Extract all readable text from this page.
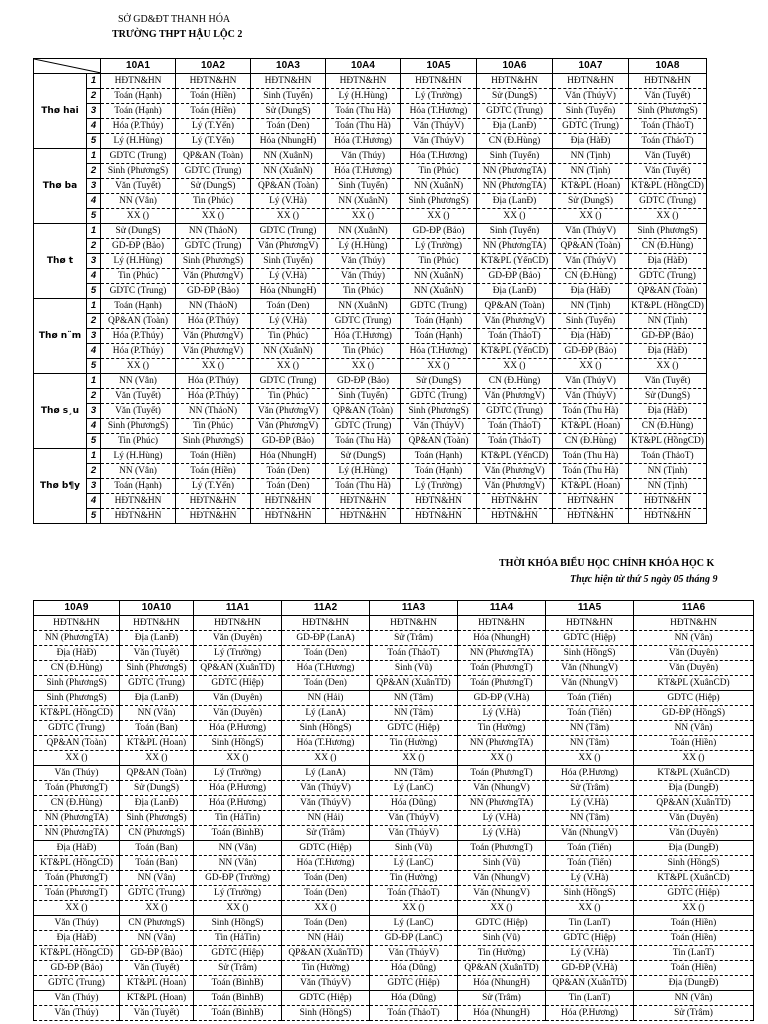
SỞ GD&ĐT THANH HÓA
TRƯỜNG THPT HẬU LỘC 2
	10A1	10A2	10A3	10A4	10A5	10A6	10A7	10A8
Thø hai	1	HĐTN&HN	HĐTN&HN	HĐTN&HN	HĐTN&HN	HĐTN&HN	HĐTN&HN	HĐTN&HN	HĐTN&HN
	2	Toán (Hạnh)	Toán (Hiền)	Sinh (Tuyển)	Lý (H.Hùng)	Lý (Trường)	Sử (DungS)	Văn (ThúyV)	Văn (Tuyết)
	3	Toán (Hạnh)	Toán (Hiền)	Sử (DungS)	Toán (Thu Hà)	Hóa (T.Hương)	GDTC (Trung)	Sinh (Tuyển)	Sinh (PhươngS)
	4	Hóa (P.Thúy)	Lý (T.Yến)	Toán (Den)	Toán (Thu Hà)	Văn (ThúyV)	Địa (LanĐ)	GDTC (Trung)	Toán (ThảoT)
	5	Lý (H.Hùng)	Lý (T.Yến)	Hóa (NhungH)	Hóa (T.Hương)	Văn (ThúyV)	CN (Đ.Hùng)	Địa (HàĐ)	Toán (ThảoT)
Thø ba	1	GDTC (Trung)	QP&AN (Toàn)	NN (XuânN)	Văn (Thúy)	Hóa (T.Hương)	Sinh (Tuyển)	NN (Tịnh)	Văn (Tuyết)
	2	Sinh (PhươngS)	GDTC (Trung)	NN (XuânN)	Hóa (T.Hương)	Tin (Phúc)	NN (PhươngTA)	NN (Tịnh)	Văn (Tuyết)
	3	Văn (Tuyết)	Sử (DungS)	QP&AN (Toàn)	Sinh (Tuyển)	NN (XuânN)	NN (PhươngTA)	KT&PL (Hoan)	KT&PL (HồngCD)
	4	NN (Vân)	Tin (Phúc)	Lý (V.Hà)	NN (XuânN)	Sinh (PhươngS)	Địa (LanĐ)	Sử (DungS)	GDTC (Trung)
	5	XX ()	XX ()	XX ()	XX ()	XX ()	XX ()	XX ()	XX ()
Thø t	1	Sử (DungS)	NN (ThảoN)	GDTC (Trung)	NN (XuânN)	GD-ĐP (Bảo)	Sinh (Tuyển)	Văn (ThúyV)	Sinh (PhươngS)
	2	GD-ĐP (Bảo)	GDTC (Trung)	Văn (PhươngV)	Lý (H.Hùng)	Lý (Trường)	NN (PhươngTA)	QP&AN (Toàn)	CN (Đ.Hùng)
	3	Lý (H.Hùng)	Sinh (PhươngS)	Sinh (Tuyển)	Văn (Thúy)	Tin (Phúc)	KT&PL (YếnCD)	Văn (ThúyV)	Địa (HàĐ)
	4	Tin (Phúc)	Văn (PhươngV)	Lý (V.Hà)	Văn (Thúy)	NN (XuânN)	GD-ĐP (Bảo)	CN (Đ.Hùng)	GDTC (Trung)
	5	GDTC (Trung)	GD-ĐP (Bảo)	Hóa (NhungH)	Tin (Phúc)	NN (XuânN)	Địa (LanĐ)	Địa (HàĐ)	QP&AN (Toàn)
Thø n¨m	1	Toán (Hạnh)	NN (ThảoN)	Toán (Den)	NN (XuânN)	GDTC (Trung)	QP&AN (Toàn)	NN (Tịnh)	KT&PL (HồngCD)
	2	QP&AN (Toàn)	Hóa (P.Thúy)	Lý (V.Hà)	GDTC (Trung)	Toán (Hạnh)	Văn (PhươngV)	Sinh (Tuyển)	NN (Tịnh)
	3	Hóa (P.Thúy)	Văn (PhươngV)	Tin (Phúc)	Hóa (T.Hương)	Toán (Hạnh)	Toán (ThảoT)	Địa (HàĐ)	GD-ĐP (Bảo)
	4	Hóa (P.Thúy)	Văn (PhươngV)	NN (XuânN)	Tin (Phúc)	Hóa (T.Hương)	KT&PL (YếnCD)	GD-ĐP (Bảo)	Địa (HàĐ)
	5	XX ()	XX ()	XX ()	XX ()	XX ()	XX ()	XX ()	XX ()
Thø s¸u	1	NN (Vân)	Hóa (P.Thúy)	GDTC (Trung)	GD-ĐP (Bảo)	Sử (DungS)	CN (Đ.Hùng)	Văn (ThúyV)	Văn (Tuyết)
	2	Văn (Tuyết)	Hóa (P.Thúy)	Tin (Phúc)	Sinh (Tuyển)	GDTC (Trung)	Văn (PhươngV)	Văn (ThúyV)	Sử (DungS)
	3	Văn (Tuyết)	NN (ThảoN)	Văn (PhươngV)	QP&AN (Toàn)	Sinh (PhươngS)	GDTC (Trung)	Toán (Thu Hà)	Địa (HàĐ)
	4	Sinh (PhươngS)	Tin (Phúc)	Văn (PhươngV)	GDTC (Trung)	Văn (ThúyV)	Toán (ThảoT)	KT&PL (Hoan)	CN (Đ.Hùng)
	5	Tin (Phúc)	Sinh (PhươngS)	GD-ĐP (Bảo)	Toán (Thu Hà)	QP&AN (Toàn)	Toán (ThảoT)	CN (Đ.Hùng)	KT&PL (HồngCD)
Thø b¶y	1	Lý (H.Hùng)	Toán (Hiền)	Hóa (NhungH)	Sử (DungS)	Toán (Hạnh)	KT&PL (YếnCD)	Toán (Thu Hà)	Toán (ThảoT)
	2	NN (Vân)	Toán (Hiền)	Toán (Den)	Lý (H.Hùng)	Toán (Hạnh)	Văn (PhươngV)	Toán (Thu Hà)	NN (Tịnh)
	3	Toán (Hạnh)	Lý (T.Yến)	Toán (Den)	Toán (Thu Hà)	Lý (Trường)	Văn (PhươngV)	KT&PL (Hoan)	NN (Tịnh)
	4	HĐTN&HN	HĐTN&HN	HĐTN&HN	HĐTN&HN	HĐTN&HN	HĐTN&HN	HĐTN&HN	HĐTN&HN
	5	HĐTN&HN	HĐTN&HN	HĐTN&HN	HĐTN&HN	HĐTN&HN	HĐTN&HN	HĐTN&HN	HĐTN&HN
THỜI KHÓA BIỂU HỌC CHÍNH KHÓA HỌC K
Thực hiện từ thứ 5 ngày 05 tháng 9
10A9	10A10	11A1	11A2	11A3	11A4	11A5	11A6
HĐTN&HN	HĐTN&HN	HĐTN&HN	HĐTN&HN	HĐTN&HN	HĐTN&HN	HĐTN&HN	HĐTN&HN
NN (PhươngTA)	Địa (LanĐ)	Văn (Duyên)	GD-ĐP (LanA)	Sử (Trâm)	Hóa (NhungH)	GDTC (Hiệp)	NN (Vân)
Địa (HàĐ)	Văn (Tuyết)	Lý (Trường)	Toán (Den)	Toán (ThảoT)	NN (PhươngTA)	Sinh (HồngS)	Văn (Duyên)
CN (Đ.Hùng)	Sinh (PhươngS)	QP&AN (XuânTD)	Hóa (T.Hương)	Sinh (Vũ)	Toán (PhươngT)	Văn (NhungV)	Văn (Duyên)
Sinh (PhươngS)	GDTC (Trung)	GDTC (Hiệp)	Toán (Den)	QP&AN (XuânTD)	Toán (PhươngT)	Văn (NhungV)	KT&PL (XuânCD)
Sinh (PhươngS)	Địa (LanĐ)	Văn (Duyên)	NN (Hải)	NN (Tâm)	GD-ĐP (V.Hà)	Toán (Tiến)	GDTC (Hiệp)
KT&PL (HồngCD)	NN (Vân)	Văn (Duyên)	Lý (LanA)	NN (Tâm)	Lý (V.Hà)	Toán (Tiến)	GD-ĐP (HồngS)
GDTC (Trung)	Toán (Ban)	Hóa (P.Hương)	Sinh (HồngS)	GDTC (Hiệp)	Tin (Hường)	NN (Tâm)	NN (Vân)
QP&AN (Toàn)	KT&PL (Hoan)	Sinh (HồngS)	Hóa (T.Hương)	Tin (Hường)	NN (PhươngTA)	NN (Tâm)	Toán (Hiền)
XX ()	XX ()	XX ()	XX ()	XX ()	XX ()	XX ()	XX ()
Văn (Thúy)	QP&AN (Toàn)	Lý (Trường)	Lý (LanA)	NN (Tâm)	Toán (PhươngT)	Hóa (P.Hương)	KT&PL (XuânCD)
Toán (PhươngT)	Sử (DungS)	Hóa (P.Hương)	Văn (ThúyV)	Lý (LanC)	Văn (NhungV)	Sử (Trâm)	Địa (DungĐ)
CN (Đ.Hùng)	Địa (LanĐ)	Hóa (P.Hương)	Văn (ThúyV)	Hóa (Dũng)	NN (PhươngTA)	Lý (V.Hà)	QP&AN (XuânTD)
NN (PhươngTA)	Sinh (PhươngS)	Tin (HảTin)	NN (Hải)	Văn (ThúyV)	Lý (V.Hà)	NN (Tâm)	Văn (Duyên)
NN (PhươngTA)	CN (PhươngS)	Toán (BìnhB)	Sử (Trâm)	Văn (ThúyV)	Lý (V.Hà)	Văn (NhungV)	Văn (Duyên)
Địa (HàĐ)	Toán (Ban)	NN (Vân)	GDTC (Hiệp)	Sinh (Vũ)	Toán (PhươngT)	Toán (Tiến)	Địa (DungĐ)
KT&PL (HồngCD)	Toán (Ban)	NN (Vân)	Hóa (T.Hương)	Lý (LanC)	Sinh (Vũ)	Toán (Tiến)	Sinh (HồngS)
Toán (PhươngT)	NN (Vân)	GD-ĐP (Trường)	Toán (Den)	Tin (Hường)	Văn (NhungV)	Lý (V.Hà)	KT&PL (XuânCD)
Toán (PhươngT)	GDTC (Trung)	Lý (Trường)	Toán (Den)	Toán (ThảoT)	Văn (NhungV)	Sinh (HồngS)	GDTC (Hiệp)
XX ()	XX ()	XX ()	XX ()	XX ()	XX ()	XX ()	XX ()
Văn (Thúy)	CN (PhươngS)	Sinh (HồngS)	Toán (Den)	Lý (LanC)	GDTC (Hiệp)	Tin (LanT)	Toán (Hiền)
Địa (HàĐ)	NN (Vân)	Tin (HảTin)	NN (Hải)	GD-ĐP (LanC)	Sinh (Vũ)	GDTC (Hiệp)	Toán (Hiền)
KT&PL (HồngCD)	GD-ĐP (Bảo)	GDTC (Hiệp)	QP&AN (XuânTD)	Văn (ThúyV)	Tin (Hường)	Lý (V.Hà)	Tin (LanT)
GD-ĐP (Bảo)	Văn (Tuyết)	Sử (Trâm)	Tin (Hường)	Hóa (Dũng)	QP&AN (XuânTD)	GD-ĐP (V.Hà)	Toán (Hiền)
GDTC (Trung)	KT&PL (Hoan)	Toán (BìnhB)	Văn (ThúyV)	GDTC (Hiệp)	Hóa (NhungH)	QP&AN (XuânTD)	Địa (DungĐ)
Văn (Thúy)	KT&PL (Hoan)	Toán (BìnhB)	GDTC (Hiệp)	Hóa (Dũng)	Sử (Trâm)	Tin (LanT)	NN (Vân)
Văn (Thúy)	Văn (Tuyết)	Toán (BìnhB)	Sinh (HồngS)	Toán (ThảoT)	Hóa (NhungH)	Hóa (P.Hương)	Sử (Trâm)
